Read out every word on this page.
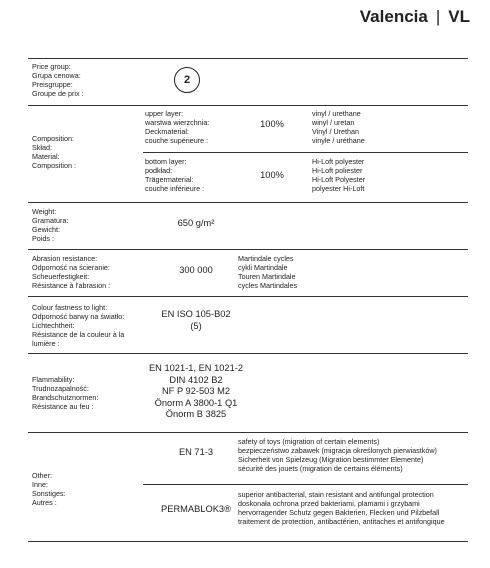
Valencia | VL
Price group:
Grupa cenowa:
Preisgruppe:
Groupe de prix :
2
Composition:
Skład:
Material:
Composition :
upper layer:
warstwa wierzchnia:
Deckmaterial:
couche supérieure :
100%
vinyl / urethane
winyl / uretan
Vinyl / Urethan
vinyle / uréthane
bottom layer:
podkład:
Trägermaterial:
couche inférieure :
100%
Hi-Loft polyester
Hi-Loft poliester
Hi-Loft Polyester
polyester Hi-Loft
Weight:
Gramatura:
Gewicht:
Poids :
650 g/m²
Abrasion resistance:
Odporność na ścieranie:
Scheuerfestigkeit:
Résistance à l'abrasion :
300 000
Martindale cycles
cykli Martindale
Touren Martindale
cycles Martindales
Colour fastness to light:
Odporność barwy na światło:
Lichtechtheit:
Résistance de la couleur à la
lumière :
EN ISO 105-B02
(5)
Flammability:
Trudnozapalność:
Brandschutznormen:
Résistance au feu :
EN 1021-1, EN 1021-2
DIN 4102 B2
NF P 92-503 M2
Önorm A 3800-1 Q1
Önorm B 3825
Other:
Inne:
Sonstiges:
Autres :
EN 71-3
safety of toys (migration of certain elements)
bezpieczeństwo zabawek (migracja określonych pierwiastków)
Sicherheit von Spielzeug (Migration bestimmter Elemente)
sécurité des jouets (migration de certains éléments)
PERMABLOK3®
superior antibacterial, stain resistant and antifungal protection
doskonała ochrona przed bakteriami, plamami i grzybami
hervorragender Schutz gegen Bakterien, Flecken und Pilzbefall
traitement de protection, antibactérien, antitaches et antifongique
